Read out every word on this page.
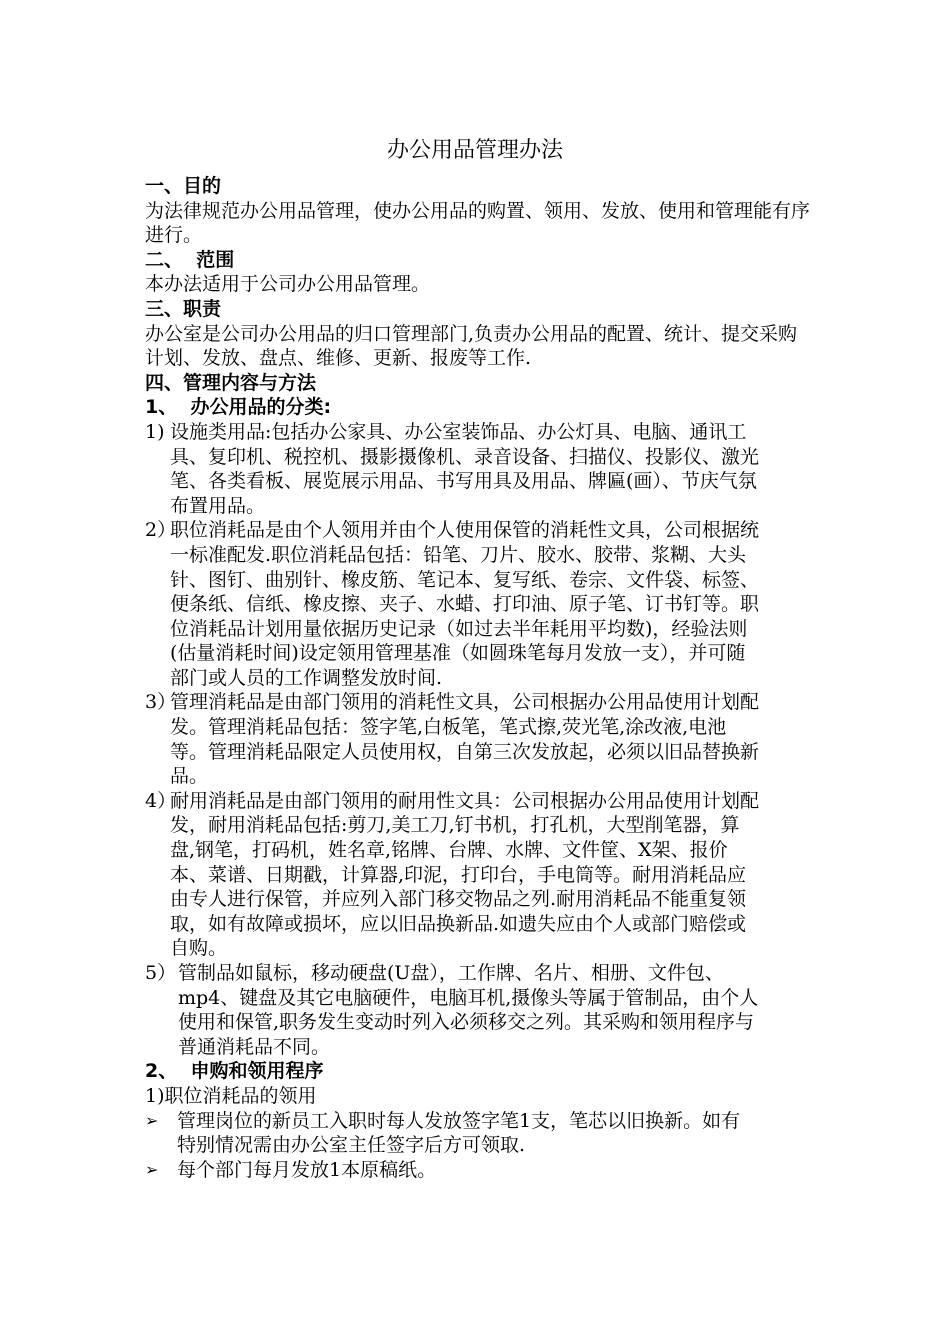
办公用品管理办法
一、目的

为法律规范办公用品管理，使办公用品的购置、领用、发放、使用和管理能有序进行。

二、  范围

本办法适用于公司办公用品管理。

三、职责

办公室是公司办公用品的归口管理部门,负责办公用品的配置、统计、提交采购计划、发放、盘点、维修、更新、报废等工作.

四、管理内容与方法
1、  办公用品的分类:
1) 设施类用品:包括办公家具、办公室装饰品、办公灯具、电脑、通讯工具、复印机、税控机、摄影摄像机、录音设备、扫描仪、投影仪、激光笔、各类看板、展览展示用品、书写用具及用品、牌匾(画）、节庆气氛布置用品。
2）
职位消耗品是由个人领用并由个人使用保管的消耗性文具，公司根据统一标准配发.职位消耗品包括：铅笔、刀片、胶水、胶带、浆糊、大头针、图钉、曲别针、橡皮筋、笔记本、复写纸、卷宗、文件袋、标签、便条纸、信纸、橡皮擦、夹子、水蜡、打印油、原子笔、订书钉等。职位消耗品计划用量依据历史记录（如过去半年耗用平均数)，经验法则(估量消耗时间)设定领用管理基准（如圆珠笔每月发放一支），并可随部门或人员的工作调整发放时间.
3）
管理消耗品是由部门领用的消耗性文具，公司根据办公用品使用计划配发。管理消耗品包括：签字笔,白板笔，笔式擦,荧光笔,涂改液,电池等。管理消耗品限定人员使用权，自第三次发放起，必须以旧品替换新品。
4）
耐用消耗品是由部门领用的耐用性文具：公司根据办公用品使用计划配发，耐用消耗品包括:剪刀,美工刀,钉书机，打孔机，大型削笔器，算盘,钢笔，打码机，姓名章,铭牌、台牌、水牌、文件筐、X架、报价本、菜谱、日期戳，计算器,印泥，打印台，手电筒等。耐用消耗品应由专人进行保管，并应列入部门移交物品之列.耐用消耗品不能重复领取，如有故障或损坏，应以旧品换新品.如遗失应由个人或部门赔偿或自购。
5） 管制品如鼠标，移动硬盘(U盘），工作牌、名片、相册、文件包、mp4、键盘及其它电脑硬件，电脑耳机,摄像头等属于管制品，由个人使用和保管,职务发生变动时列入必须移交之列。其采购和领用程序与普通消耗品不同。
2、  申购和领用程序
1)职位消耗品的领用
➢ 管理岗位的新员工入职时每人发放签字笔1支，笔芯以旧换新。如有特别情况需由办公室主任签字后方可领取.
➢ 每个部门每月发放1本原稿纸。
